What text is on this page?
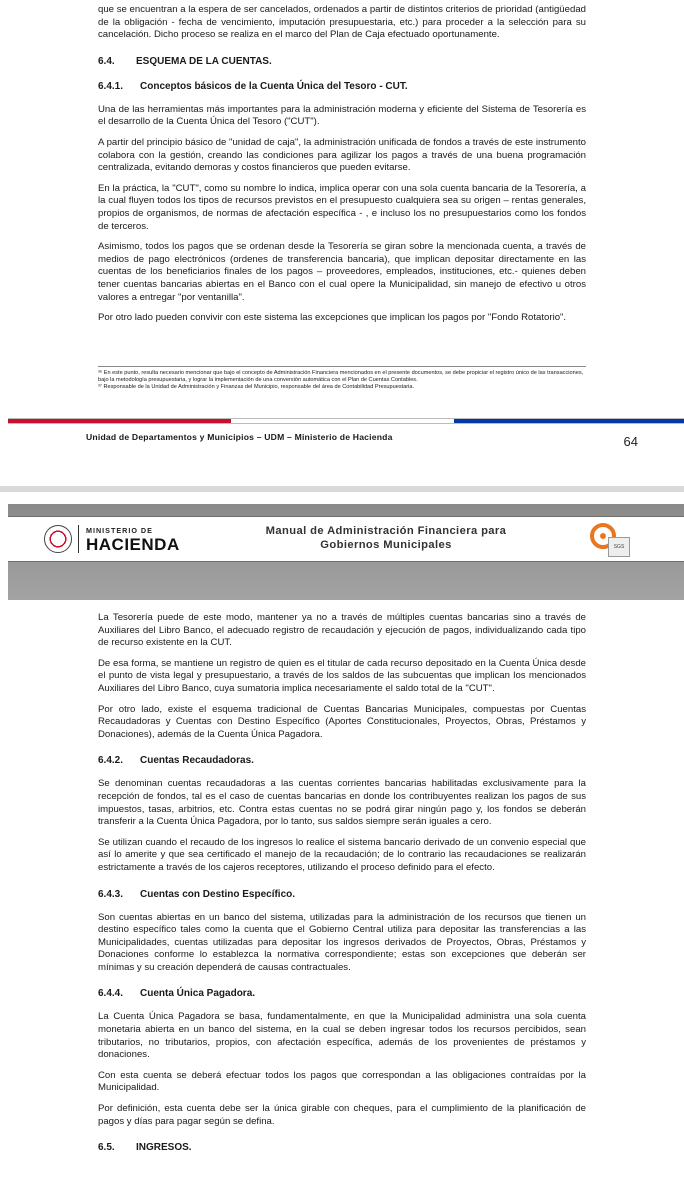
que se encuentran a la espera de ser cancelados, ordenados a partir de distintos criterios de prioridad (antigüedad de la obligación - fecha de vencimiento, imputación presupuestaria, etc.) para proceder a la selección para su cancelación. Dicho proceso se realiza en el marco del Plan de Caja efectuado oportunamente.

6.4. ESQUEMA DE LA CUENTAS.
6.4.1. Conceptos básicos de la Cuenta Única del Tesoro - CUT.

Una de las herramientas más importantes para la administración moderna y eficiente del Sistema de Tesorería es el desarrollo de la Cuenta Única del Tesoro ("CUT").

A partir del principio básico de "unidad de caja", la administración unificada de fondos a través de este instrumento colabora con la gestión, creando las condiciones para agilizar los pagos a través de una buena programación centralizada, evitando demoras y costos financieros que pueden evitarse.

En la práctica, la "CUT", como su nombre lo indica, implica operar con una sola cuenta bancaria de la Tesorería, a la cual fluyen todos los tipos de recursos previstos en el presupuesto cualquiera sea su origen – rentas generales, propios de organismos, de normas de afectación específica - , e incluso los no presupuestarios como los fondos de terceros.

Asimismo, todos los pagos que se ordenan desde la Tesorería se giran sobre la mencionada cuenta, a través de medios de pago electrónicos (ordenes de transferencia bancaria), que implican depositar directamente en las cuentas de los beneficiarios finales de los pagos – proveedores, empleados, instituciones, etc.- quienes deben tener cuentas bancarias abiertas en el Banco con el cual opere la Municipalidad, sin manejo de efectivo u otros valores a entregar "por ventanilla".

Por otro lado pueden convivir con este sistema las excepciones que implican los pagos por "Fondo Rotatorio".

³⁶ En este punto, resulta necesario mencionar que bajo el concepto de Administración Financiera mencionados en el presente documentos, se debe propiciar el registro único de las transacciones, bajo la metodología presupuestaria, y lograr la implementación de una conversión automática con el Plan de Cuentas Contables.
³⁷ Responsable de la Unidad de Administración y Finanzas del Municipio, responsable del área de Contabilidad Presupuestaria.
Unidad de Departamentos y Municipios – UDM – Ministerio de Hacienda	64
MINISTERIO DE
HACIENDA
Manual de Administración Financiera para
Gobiernos Municipales	SGS

La Tesorería puede de este modo, mantener ya no a través de múltiples cuentas bancarias sino a través de Auxiliares del Libro Banco, el adecuado registro de recaudación y ejecución de pagos, individualizando cada tipo de recurso existente en la CUT.

De esa forma, se mantiene un registro de quien es el titular de cada recurso depositado en la Cuenta Única desde el punto de vista legal y presupuestario, a través de los saldos de las subcuentas que implican los mencionados Auxiliares del Libro Banco, cuya sumatoria implica necesariamente el saldo total de la "CUT".

Por otro lado, existe el esquema tradicional de Cuentas Bancarias Municipales, compuestas por Cuentas Recaudadoras y Cuentas con Destino Específico (Aportes Constitucionales, Proyectos, Obras, Préstamos y Donaciones), además de la Cuenta Única Pagadora.

6.4.2. Cuentas Recaudadoras.

Se denominan cuentas recaudadoras a las cuentas corrientes bancarias habilitadas exclusivamente para la recepción de fondos, tal es el caso de cuentas bancarias en donde los contribuyentes realizan los pagos de sus impuestos, tasas, arbitrios, etc. Contra estas cuentas no se podrá girar ningún pago y, los fondos se deberán transferir a la Cuenta Única Pagadora, por lo tanto, sus saldos siempre serán iguales a cero.

Se utilizan cuando el recaudo de los ingresos lo realice el sistema bancario derivado de un convenio especial que así lo amerite y que sea certificado el manejo de la recaudación; de lo contrario las recaudaciones se realizarán estrictamente a través de los cajeros receptores, utilizando el proceso definido para el efecto.

6.4.3. Cuentas con Destino Específico.

Son cuentas abiertas en un banco del sistema, utilizadas para la administración de los recursos que tienen un destino específico tales como la cuenta que el Gobierno Central utiliza para depositar las transferencias a las Municipalidades, cuentas utilizadas para depositar los ingresos derivados de Proyectos, Obras, Préstamos y Donaciones conforme lo establezca la normativa correspondiente; estas son excepciones que deberán ser mínimas y su creación dependerá de causas contractuales.

6.4.4. Cuenta Única Pagadora.

La Cuenta Única Pagadora se basa, fundamentalmente, en que la Municipalidad administra una sola cuenta monetaria abierta en un banco del sistema, en la cual se deben ingresar todos los recursos percibidos, sean tributarios, no tributarios, propios, con afectación específica, además de los provenientes de préstamos y donaciones.

Con esta cuenta se deberá efectuar todos los pagos que correspondan a las obligaciones contraídas por la Municipalidad.

Por definición, esta cuenta debe ser la única girable con cheques, para el cumplimiento de la planificación de pagos y días para pagar según se defina.

6.5. INGRESOS.
